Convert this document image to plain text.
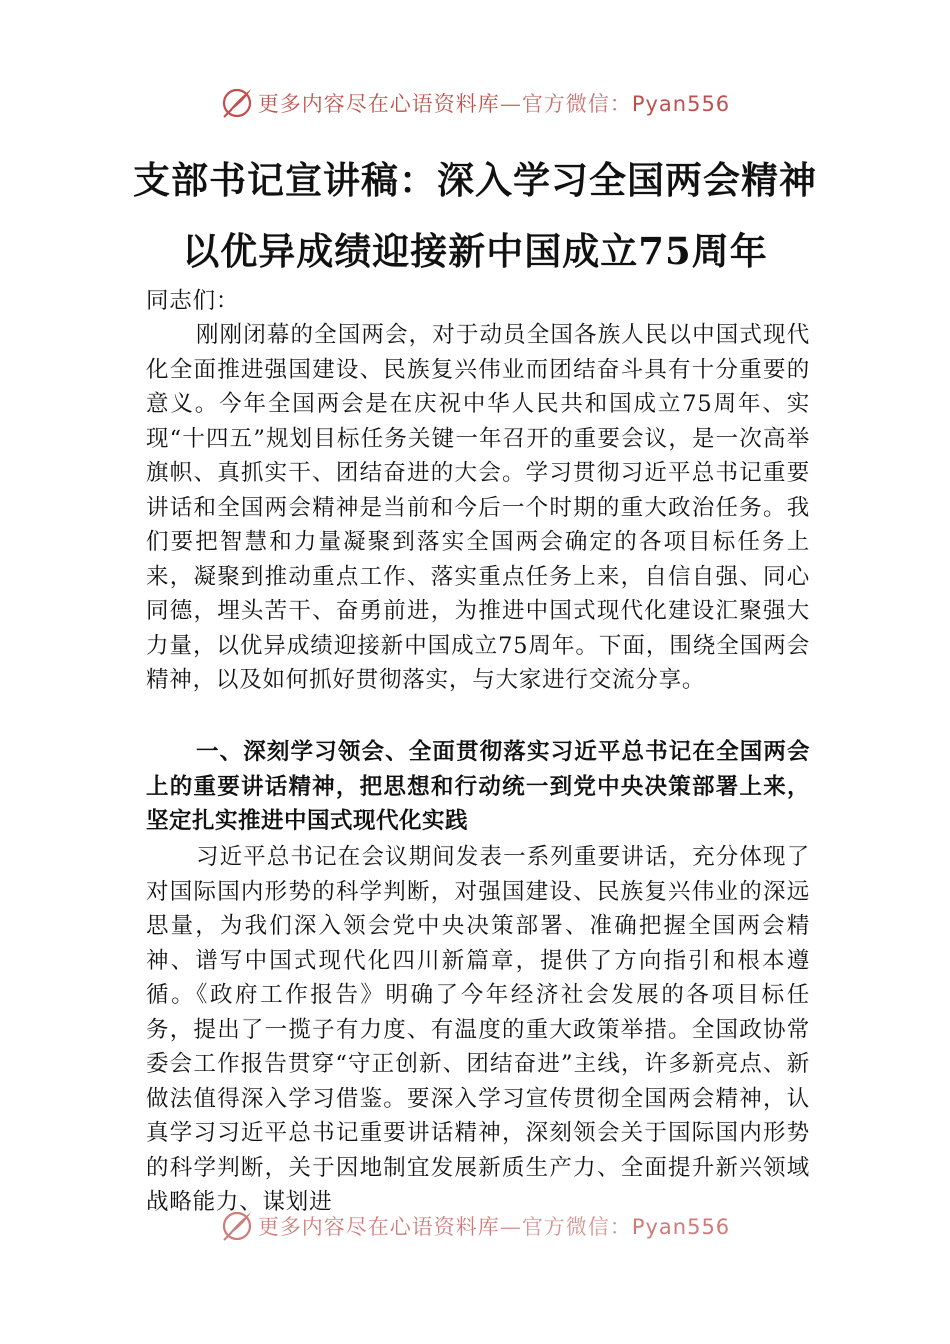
更多内容尽在心语资料库—官方微信：Pyan556
支部书记宣讲稿：深入学习全国两会精神
以优异成绩迎接新中国成立75周年
同志们：
刚刚闭幕的全国两会，对于动员全国各族人民以中国式现代化全面推进强国建设、民族复兴伟业而团结奋斗具有十分重要的意义。今年全国两会是在庆祝中华人民共和国成立75周年、实现“十四五”规划目标任务关键一年召开的重要会议，是一次高举旗帜、真抓实干、团结奋进的大会。学习贯彻习近平总书记重要讲话和全国两会精神是当前和今后一个时期的重大政治任务。我们要把智慧和力量凝聚到落实全国两会确定的各项目标任务上来，凝聚到推动重点工作、落实重点任务上来，自信自强、同心同德，埋头苦干、奋勇前进，为推进中国式现代化建设汇聚强大力量，以优异成绩迎接新中国成立75周年。下面，围绕全国两会精神，以及如何抓好贯彻落实，与大家进行交流分享。
一、深刻学习领会、全面贯彻落实习近平总书记在全国两会上的重要讲话精神，把思想和行动统一到党中央决策部署上来，坚定扎实推进中国式现代化实践
习近平总书记在会议期间发表一系列重要讲话，充分体现了对国际国内形势的科学判断，对强国建设、民族复兴伟业的深远思量，为我们深入领会党中央决策部署、准确把握全国两会精神、谱写中国式现代化四川新篇章，提供了方向指引和根本遵循。《政府工作报告》明确了今年经济社会发展的各项目标任务，提出了一揽子有力度、有温度的重大政策举措。全国政协常委会工作报告贯穿“守正创新、团结奋进”主线，许多新亮点、新做法值得深入学习借鉴。要深入学习宣传贯彻全国两会精神，认真学习习近平总书记重要讲话精神，深刻领会关于国际国内形势的科学判断，关于因地制宜发展新质生产力、全面提升新兴领域战略能力、谋划进
更多内容尽在心语资料库—官方微信：Pyan556
